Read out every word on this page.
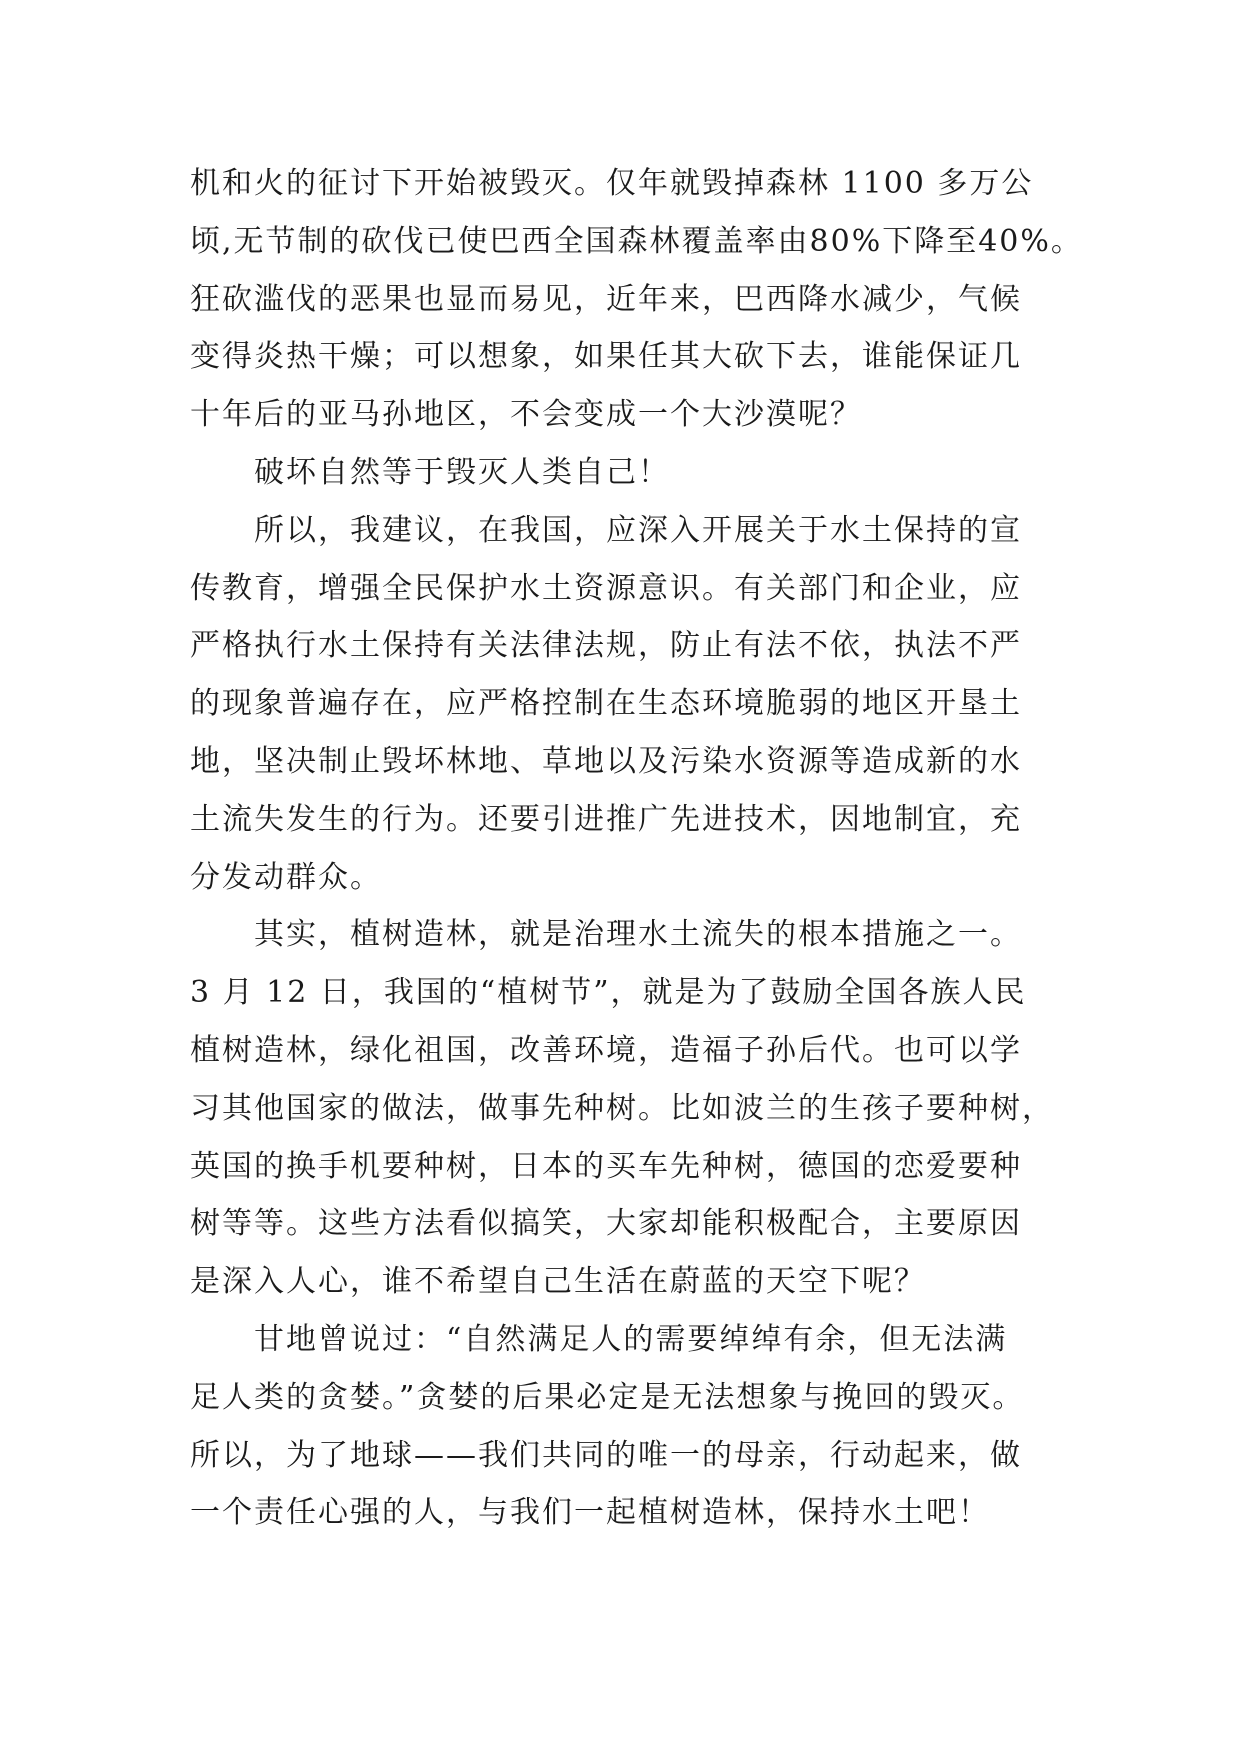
机和火的征讨下开始被毁灭。仅年就毁掉森林 1100 多万公
顷,无节制的砍伐已使巴西全国森林覆盖率由80%下降至40%。
狂砍滥伐的恶果也显而易见，近年来，巴西降水减少，气候
变得炎热干燥；可以想象，如果任其大砍下去，谁能保证几
十年后的亚马孙地区，不会变成一个大沙漠呢？
破坏自然等于毁灭人类自己！
所以，我建议，在我国，应深入开展关于水土保持的宣
传教育，增强全民保护水土资源意识。有关部门和企业，应
严格执行水土保持有关法律法规，防止有法不依，执法不严
的现象普遍存在，应严格控制在生态环境脆弱的地区开垦土
地，坚决制止毁坏林地、草地以及污染水资源等造成新的水
土流失发生的行为。还要引进推广先进技术，因地制宜，充
分发动群众。
其实，植树造林，就是治理水土流失的根本措施之一。
3 月 12 日，我国的“植树节”，就是为了鼓励全国各族人民
植树造林，绿化祖国，改善环境，造福子孙后代。也可以学
习其他国家的做法，做事先种树。比如波兰的生孩子要种树，
英国的换手机要种树，日本的买车先种树，德国的恋爱要种
树等等。这些方法看似搞笑，大家却能积极配合，主要原因
是深入人心，谁不希望自己生活在蔚蓝的天空下呢？
甘地曾说过：“自然满足人的需要绰绰有余，但无法满
足人类的贪婪。”贪婪的后果必定是无法想象与挽回的毁灭。
所以，为了地球——我们共同的唯一的母亲，行动起来，做
一个责任心强的人，与我们一起植树造林，保持水土吧！
